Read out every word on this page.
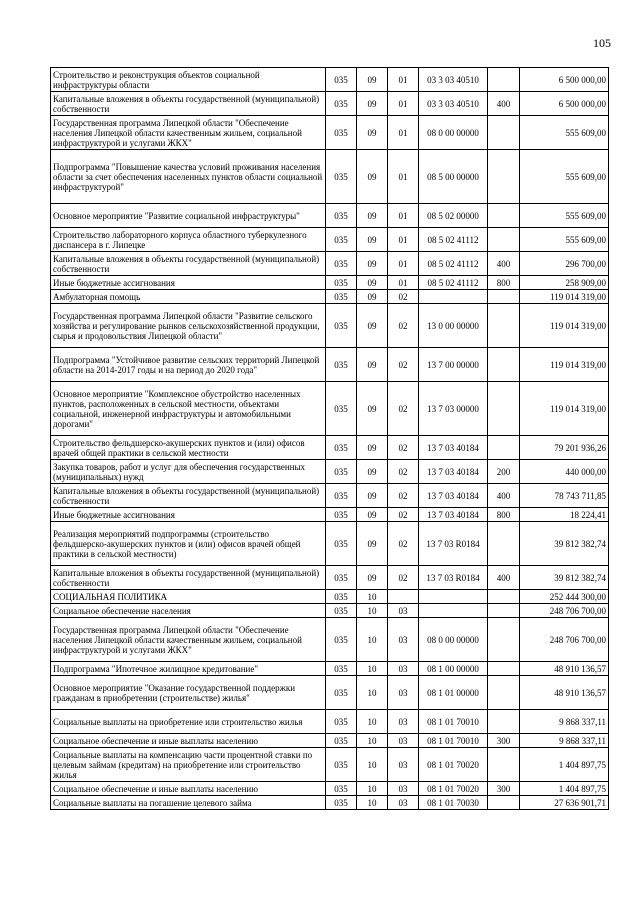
105
Строительство и реконструкция объектов социальной инфраструктуры области	035	09	01	03 3 03 40510		6 500 000,00
Капитальные вложения в объекты государственной (муниципальной) собственности	035	09	01	03 3 03 40510	400	6 500 000,00
Государственная программа Липецкой области "Обеспечение населения Липецкой области качественным жильем, социальной инфраструктурой и услугами ЖКХ"	035	09	01	08 0 00 00000		555 609,00
Подпрограмма "Повышение качества условий проживания населения области за счет обеспечения населенных пунктов области социальной инфраструктурой"	035	09	01	08 5 00 00000		555 609,00
Основное мероприятие "Развитие социальной инфраструктуры"	035	09	01	08 5 02 00000		555 609,00
Строительство лабораторного корпуса областного туберкулезного диспансера в г. Липецке	035	09	01	08 5 02 41112		555 609,00
Капитальные вложения в объекты государственной (муниципальной) собственности	035	09	01	08 5 02 41112	400	296 700,00
Иные бюджетные ассигнования	035	09	01	08 5 02 41112	800	258 909,00
Амбулаторная помощь	035	09	02			119 014 319,00
Государственная программа Липецкой области "Развитие сельского хозяйства и регулирование рынков сельскохозяйственной продукции, сырья и продовольствия Липецкой области"	035	09	02	13 0 00 00000		119 014 319,00
Подпрограмма "Устойчивое развитие сельских территорий Липецкой области на 2014-2017 годы и на период до 2020 года"	035	09	02	13 7 00 00000		119 014 319,00
Основное мероприятие "Комплексное обустройство населенных пунктов, расположенных в сельской местности, объектами социальной, инженерной инфраструктуры и автомобильными дорогами"	035	09	02	13 7 03 00000		119 014 319,00
Строительство фельдшерско-акушерских пунктов и (или) офисов врачей общей практики в сельской местности	035	09	02	13 7 03 40184		79 201 936,26
Закупка товаров, работ и услуг для обеспечения государственных (муниципальных) нужд	035	09	02	13 7 03 40184	200	440 000,00
Капитальные вложения в объекты государственной (муниципальной) собственности	035	09	02	13 7 03 40184	400	78 743 711,85
Иные бюджетные ассигнования	035	09	02	13 7 03 40184	800	18 224,41
Реализация мероприятий подпрограммы (строительство фельдшерско-акушерских пунктов и (или) офисов врачей общей практики в сельской местности)	035	09	02	13 7 03 R0184		39 812 382,74
Капитальные вложения в объекты государственной (муниципальной) собственности	035	09	02	13 7 03 R0184	400	39 812 382,74
СОЦИАЛЬНАЯ ПОЛИТИКА	035	10				252 444 300,00
Социальное обеспечение населения	035	10	03			248 706 700,00
Государственная программа Липецкой области "Обеспечение населения Липецкой области качественным жильем, социальной инфраструктурой и услугами ЖКХ"	035	10	03	08 0 00 00000		248 706 700,00
Подпрограмма "Ипотечное жилищное кредитование"	035	10	03	08 1 00 00000		48 910 136,57
Основное мероприятие "Оказание государственной поддержки гражданам в приобретении (строительстве) жилья"	035	10	03	08 1 01 00000		48 910 136,57
Социальные выплаты на приобретение или строительство жилья	035	10	03	08 1 01 70010		9 868 337,11
Социальное обеспечение и иные выплаты населению	035	10	03	08 1 01 70010	300	9 868 337,11
Социальные выплаты на компенсацию части процентной ставки по целевым займам (кредитам) на приобретение или строительство жилья	035	10	03	08 1 01 70020		1 404 897,75
Социальное обеспечение и иные выплаты населению	035	10	03	08 1 01 70020	300	1 404 897,75
Социальные выплаты на погашение целевого займа	035	10	03	08 1 01 70030		27 636 901,71
